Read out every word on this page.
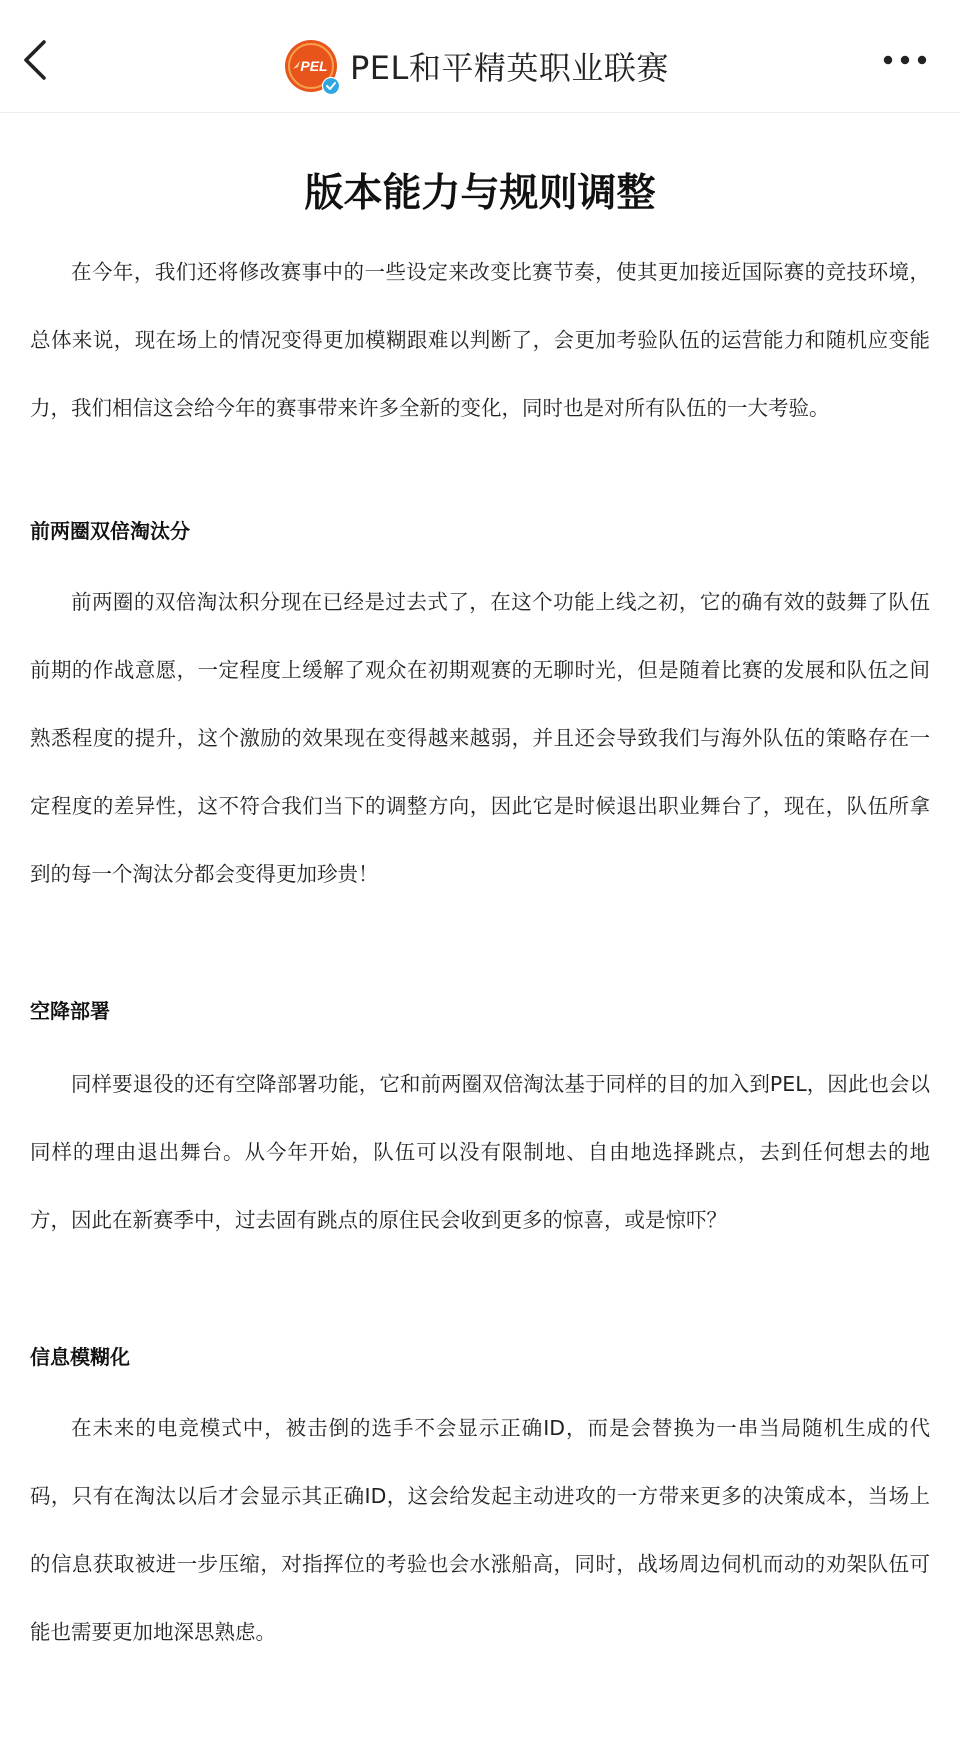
PEL PEL和平精英职业联赛
版本能力与规则调整

在今年，我们还将修改赛事中的一些设定来改变比赛节奏，使其更加接近国际赛的竞技环境，总体来说，现在场上的情况变得更加模糊跟难以判断了，会更加考验队伍的运营能力和随机应变能力，我们相信这会给今年的赛事带来许多全新的变化，同时也是对所有队伍的一大考验。

前两圈双倍淘汰分

前两圈的双倍淘汰积分现在已经是过去式了，在这个功能上线之初，它的确有效的鼓舞了队伍前期的作战意愿，一定程度上缓解了观众在初期观赛的无聊时光，但是随着比赛的发展和队伍之间熟悉程度的提升，这个激励的效果现在变得越来越弱，并且还会导致我们与海外队伍的策略存在一定程度的差异性，这不符合我们当下的调整方向，因此它是时候退出职业舞台了，现在，队伍所拿到的每一个淘汰分都会变得更加珍贵！

空降部署

同样要退役的还有空降部署功能，它和前两圈双倍淘汰基于同样的目的加入到PEL，因此也会以同样的理由退出舞台。从今年开始，队伍可以没有限制地、自由地选择跳点，去到任何想去的地方，因此在新赛季中，过去固有跳点的原住民会收到更多的惊喜，或是惊吓？

信息模糊化

在未来的电竞模式中，被击倒的选手不会显示正确ID，而是会替换为一串当局随机生成的代码，只有在淘汰以后才会显示其正确ID，这会给发起主动进攻的一方带来更多的决策成本，当场上的信息获取被进一步压缩，对指挥位的考验也会水涨船高，同时，战场周边伺机而动的劝架队伍可能也需要更加地深思熟虑。
